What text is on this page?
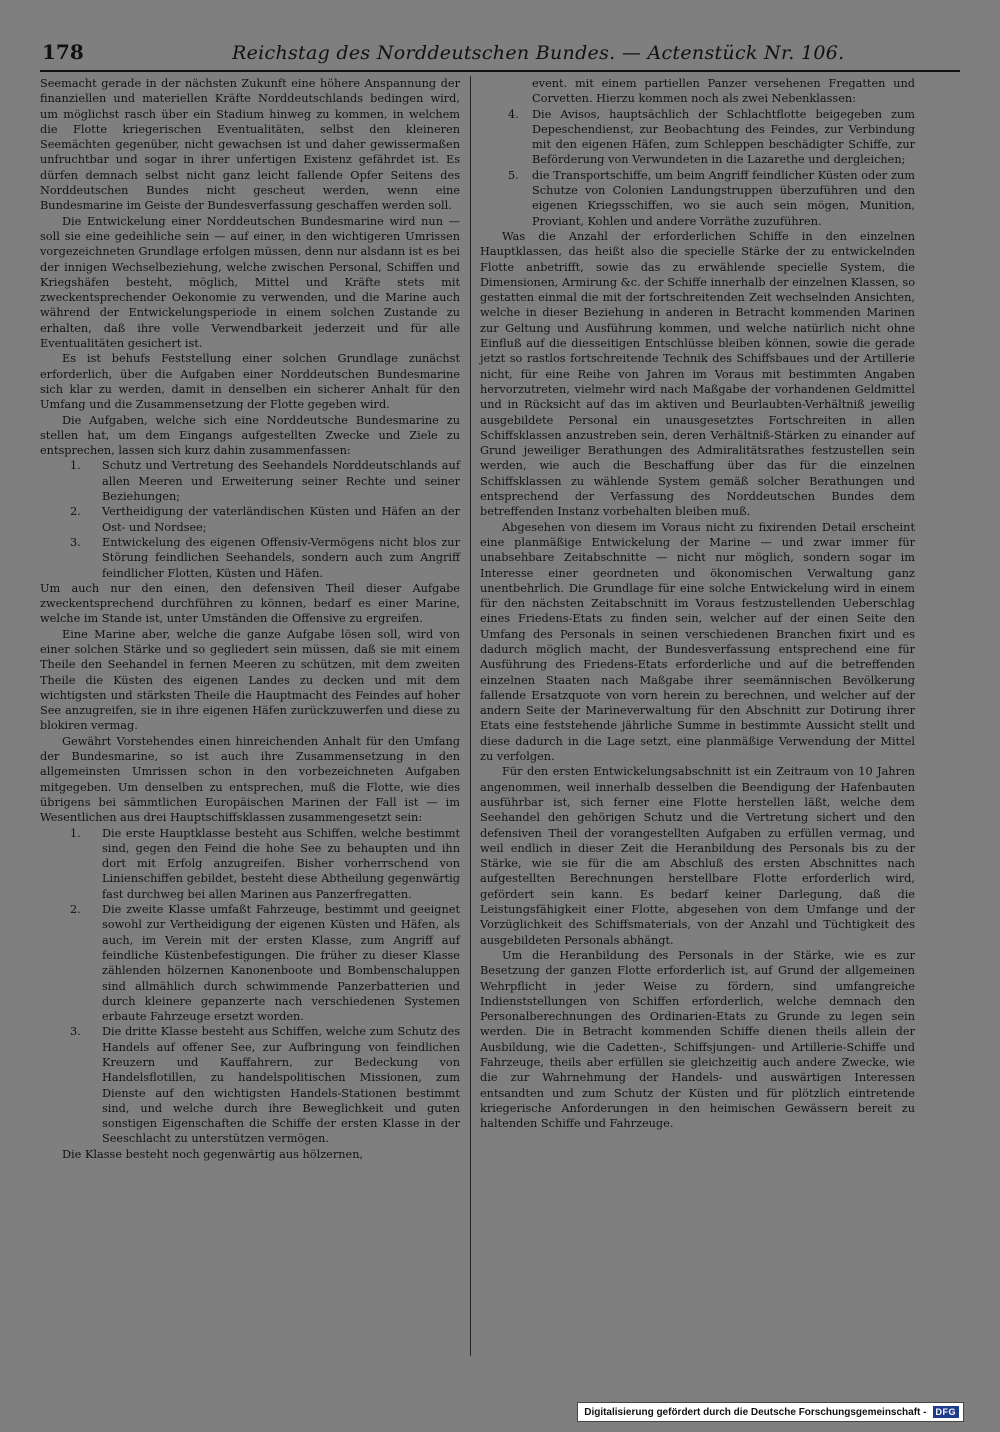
178	Reichstag des Norddeutschen Bundes. — Actenstück Nr. 106.

Seemacht gerade in der nächsten Zukunft eine höhere Anspannung der finanziellen und materiellen Kräfte Norddeutschlands bedingen wird, um möglichst rasch über ein Stadium hinweg zu kommen, in welchem die Flotte kriegerischen Eventualitäten, selbst den kleineren Seemächten gegenüber, nicht gewachsen ist und daher gewissermaßen unfruchtbar und sogar in ihrer unfertigen Existenz gefährdet ist. Es dürfen demnach selbst nicht ganz leicht fallende Opfer Seitens des Norddeutschen Bundes nicht gescheut werden, wenn eine Bundesmarine im Geiste der Bundesverfassung geschaffen werden soll.

Die Entwickelung einer Norddeutschen Bundesmarine wird nun — soll sie eine gedeihliche sein — auf einer, in den wichtigeren Umrissen vorgezeichneten Grundlage erfolgen müssen, denn nur alsdann ist es bei der innigen Wechselbeziehung, welche zwischen Personal, Schiffen und Kriegshäfen besteht, möglich, Mittel und Kräfte stets mit zweckentsprechender Oekonomie zu verwenden, und die Marine auch während der Entwickelungsperiode in einem solchen Zustande zu erhalten, daß ihre volle Verwendbarkeit jederzeit und für alle Eventualitäten gesichert ist.

Es ist behufs Feststellung einer solchen Grundlage zunächst erforderlich, über die Aufgaben einer Norddeutschen Bundesmarine sich klar zu werden, damit in denselben ein sicherer Anhalt für den Umfang und die Zusammensetzung der Flotte gegeben wird.

Die Aufgaben, welche sich eine Norddeutsche Bundesmarine zu stellen hat, um dem Eingangs aufgestellten Zwecke und Ziele zu entsprechen, lassen sich kurz dahin zusammenfassen:

1. Schutz und Vertretung des Seehandels Norddeutschlands auf allen Meeren und Erweiterung seiner Rechte und seiner Beziehungen;
2. Vertheidigung der vaterländischen Küsten und Häfen an der Ost- und Nordsee;
3. Entwickelung des eigenen Offensiv-Vermögens nicht blos zur Störung feindlichen Seehandels, sondern auch zum Angriff feindlicher Flotten, Küsten und Häfen.

Um auch nur den einen, den defensiven Theil dieser Aufgabe zweckentsprechend durchführen zu können, bedarf es einer Marine, welche im Stande ist, unter Umständen die Offensive zu ergreifen.

Eine Marine aber, welche die ganze Aufgabe lösen soll, wird von einer solchen Stärke und so gegliedert sein müssen, daß sie mit einem Theile den Seehandel in fernen Meeren zu schützen, mit dem zweiten Theile die Küsten des eigenen Landes zu decken und mit dem wichtigsten und stärksten Theile die Hauptmacht des Feindes auf hoher See anzugreifen, sie in ihre eigenen Häfen zurückzuwerfen und diese zu blokiren vermag.

Gewährt Vorstehendes einen hinreichenden Anhalt für den Umfang der Bundesmarine, so ist auch ihre Zusammensetzung in den allgemeinsten Umrissen schon in den vorbezeichneten Aufgaben mitgegeben. Um denselben zu entsprechen, muß die Flotte, wie dies übrigens bei sämmtlichen Europäischen Marinen der Fall ist — im Wesentlichen aus drei Hauptschiffsklassen zusammengesetzt sein:

1. Die erste Hauptklasse besteht aus Schiffen, welche bestimmt sind, gegen den Feind die hohe See zu behaupten und ihn dort mit Erfolg anzugreifen. Bisher vorherrschend von Linienschiffen gebildet, besteht diese Abtheilung gegenwärtig fast durchweg bei allen Marinen aus Panzerfregatten.
2. Die zweite Klasse umfaßt Fahrzeuge, bestimmt und geeignet sowohl zur Vertheidigung der eigenen Küsten und Häfen, als auch, im Verein mit der ersten Klasse, zum Angriff auf feindliche Küstenbefestigungen. Die früher zu dieser Klasse zählenden hölzernen Kanonenboote und Bombenschaluppen sind allmählich durch schwimmende Panzerbatterien und durch kleinere gepanzerte nach verschiedenen Systemen erbaute Fahrzeuge ersetzt worden.
3. Die dritte Klasse besteht aus Schiffen, welche zum Schutz des Handels auf offener See, zur Aufbringung von feindlichen Kreuzern und Kauffahrern, zur Bedeckung von Handelsflotillen, zu handelspolitischen Missionen, zum Dienste auf den wichtigsten Handels-Stationen bestimmt sind, und welche durch ihre Beweglichkeit und guten sonstigen Eigenschaften die Schiffe der ersten Klasse in der Seeschlacht zu unterstützen vermögen.

Die Klasse besteht noch gegenwärtig aus hölzernen,

event. mit einem partiellen Panzer versehenen Fregatten und Corvetten. Hierzu kommen noch als zwei Nebenklassen:

4. Die Avisos, hauptsächlich der Schlachtflotte beigegeben zum Depeschendienst, zur Beobachtung des Feindes, zur Verbindung mit den eigenen Häfen, zum Schleppen beschädigter Schiffe, zur Beförderung von Verwundeten in die Lazarethe und dergleichen;
5. die Transportschiffe, um beim Angriff feindlicher Küsten oder zum Schutze von Colonien Landungstruppen überzuführen und den eigenen Kriegsschiffen, wo sie auch sein mögen, Munition, Proviant, Kohlen und andere Vorräthe zuzuführen.

Was die Anzahl der erforderlichen Schiffe in den einzelnen Hauptklassen, das heißt also die specielle Stärke der zu entwickelnden Flotte anbetrifft, sowie das zu erwählende specielle System, die Dimensionen, Armirung &c. der Schiffe innerhalb der einzelnen Klassen, so gestatten einmal die mit der fortschreitenden Zeit wechselnden Ansichten, welche in dieser Beziehung in anderen in Betracht kommenden Marinen zur Geltung und Ausführung kommen, und welche natürlich nicht ohne Einfluß auf die diesseitigen Entschlüsse bleiben können, sowie die gerade jetzt so rastlos fortschreitende Technik des Schiffsbaues und der Artillerie nicht, für eine Reihe von Jahren im Voraus mit bestimmten Angaben hervorzutreten, vielmehr wird nach Maßgabe der vorhandenen Geldmittel und in Rücksicht auf das im aktiven und Beurlaubten-Verhältniß jeweilig ausgebildete Personal ein unausgesetztes Fortschreiten in allen Schiffsklassen anzustreben sein, deren Verhältniß-Stärken zu einander auf Grund jeweiliger Berathungen des Admiralitätsrathes festzustellen sein werden, wie auch die Beschaffung über das für die einzelnen Schiffsklassen zu wählende System gemäß solcher Berathungen und entsprechend der Verfassung des Norddeutschen Bundes dem betreffenden Instanz vorbehalten bleiben muß.

Abgesehen von diesem im Voraus nicht zu fixirenden Detail erscheint eine planmäßige Entwickelung der Marine — und zwar immer für unabsehbare Zeitabschnitte — nicht nur möglich, sondern sogar im Interesse einer geordneten und ökonomischen Verwaltung ganz unentbehrlich. Die Grundlage für eine solche Entwickelung wird in einem für den nächsten Zeitabschnitt im Voraus festzustellenden Ueberschlag eines Friedens-Etats zu finden sein, welcher auf der einen Seite den Umfang des Personals in seinen verschiedenen Branchen fixirt und es dadurch möglich macht, der Bundesverfassung entsprechend eine für Ausführung des Friedens-Etats erforderliche und auf die betreffenden einzelnen Staaten nach Maßgabe ihrer seemännischen Bevölkerung fallende Ersatzquote von vorn herein zu berechnen, und welcher auf der andern Seite der Marineverwaltung für den Abschnitt zur Dotirung ihrer Etats eine feststehende jährliche Summe in bestimmte Aussicht stellt und diese dadurch in die Lage setzt, eine planmäßige Verwendung der Mittel zu verfolgen.

Für den ersten Entwickelungsabschnitt ist ein Zeitraum von 10 Jahren angenommen, weil innerhalb desselben die Beendigung der Hafenbauten ausführbar ist, sich ferner eine Flotte herstellen läßt, welche dem Seehandel den gehörigen Schutz und die Vertretung sichert und den defensiven Theil der vorangestellten Aufgaben zu erfüllen vermag, und weil endlich in dieser Zeit die Heranbildung des Personals bis zu der Stärke, wie sie für die am Abschluß des ersten Abschnittes nach aufgestellten Berechnungen herstellbare Flotte erforderlich wird, gefördert sein kann. Es bedarf keiner Darlegung, daß die Leistungsfähigkeit einer Flotte, abgesehen von dem Umfange und der Vorzüglichkeit des Schiffsmaterials, von der Anzahl und Tüchtigkeit des ausgebildeten Personals abhängt.

Um die Heranbildung des Personals in der Stärke, wie es zur Besetzung der ganzen Flotte erforderlich ist, auf Grund der allgemeinen Wehrpflicht in jeder Weise zu fördern, sind umfangreiche Indienststellungen von Schiffen erforderlich, welche demnach den Personalberechnungen des Ordinarien-Etats zu Grunde zu legen sein werden. Die in Betracht kommenden Schiffe dienen theils allein der Ausbildung, wie die Cadetten-, Schiffsjungen- und Artillerie-Schiffe und Fahrzeuge, theils aber erfüllen sie gleichzeitig auch andere Zwecke, wie die zur Wahrnehmung der Handels- und auswärtigen Interessen entsandten und zum Schutz der Küsten und für plötzlich eintretende kriegerische Anforderungen in den heimischen Gewässern bereit zu haltenden Schiffe und Fahrzeuge.

Digitalisierung gefördert durch die Deutsche Forschungsgemeinschaft -	DFG
